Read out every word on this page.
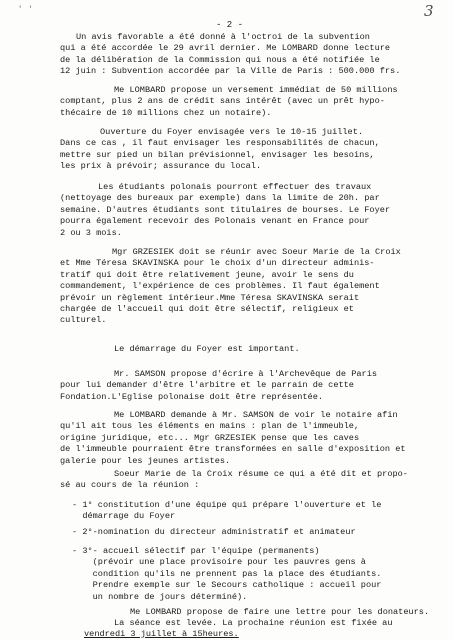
' '	3
- 2 -
Un avis favorable a été donné à l'octroi de la subvention
qui a été accordée le 29 avril dernier. Me LOMBARD donne lecture
de la délibération de la Commission qui nous a été notifiée le
12 juin : Subvention accordée par la Ville de Paris : 500.000 frs.
Me LOMBARD propose un versement immédiat de 50 millions
comptant, plus 2 ans de crédit sans intérêt (avec un prêt hypo-
thécaire de 10 millions chez un notaire).
Ouverture du Foyer envisagée vers le 10-15 juillet.
Dans ce cas , il faut envisager les responsabilités de chacun,
mettre sur pied un bilan prévisionnel, envisager les besoins,
les prix à prévoir; assurance du local.
Les étudiants polonais pourront effectuer des travaux
(nettoyage des bureaux par exemple) dans la limite de 20h. par
semaine. D'autres étudiants sont titulaires de bourses. Le Foyer
pourra également recevoir des Polonais venant en France pour
2 ou 3 mois.
Mgr GRZESIEK doit se réunir avec Soeur Marie de la Croix
et Mme Téresa SKAVINSKA pour le choix d'un directeur adminis-
tratif qui doit être relativement jeune, avoir le sens du
commandement, l'expérience de ces problèmes. Il faut également
prévoir un règlement intérieur.Mme Téresa SKAVINSKA serait
chargée de l'accueil qui doit être sélectif, religieux et
culturel.
Le démarrage du Foyer est important.
Mr. SAMSON propose d'écrire à l'Archevêque de Paris
pour lui demander d'être l'arbitre et le parrain de cette
Fondation.L'Eglise polonaise doit être représentée.
Me LOMBARD demande à Mr. SAMSON de voir le notaire afin
qu'il ait tous les éléments en mains : plan de l'immeuble,
origine juridique, etc... Mgr GRZESIEK pense que les caves
de l'immeuble pourraient être transformées en salle d'exposition et
galerie pour les jeunes artistes.
Soeur Marie de la Croix résume ce qui a été dit et propo-
sé au cours de la réunion :
- 1° constitution d'une équipe qui prépare l'ouverture et le
démarrage du Foyer
- 2°-nomination du directeur administratif et animateur
- 3°- accueil sélectif par l'équipe (permanents)
(prévoir une place provisoire pour les pauvres gens à
condition qu'ils ne prennent pas la place des étudiants.
Prendre exemple sur le Secours catholique : accueil pour
un nombre de jours déterminé).
Me LOMBARD propose de faire une lettre pour les donateurs.
La séance est levée. La prochaine réunion est fixée au
vendredi 3 juillet à 15heures.
